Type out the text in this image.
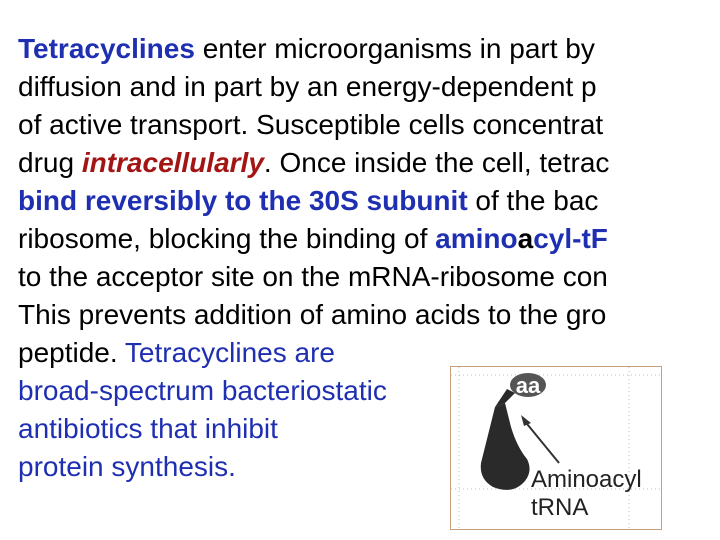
Tetracyclines enter microorganisms in part by
diffusion and in part by an energy-dependent p
of active transport. Susceptible cells concentrat
drug intracellularly. Once inside the cell, tetrac
bind reversibly to the 30S subunit of the bac
ribosome, blocking the binding of aminoacyl-tF
to the acceptor site on the mRNA-ribosome con
This prevents addition of amino acids to the gro
peptide. Tetracyclines are
broad-spectrum bacteriostatic
antibiotics that inhibit
protein synthesis.
aa
Aminoacyl
tRNA
